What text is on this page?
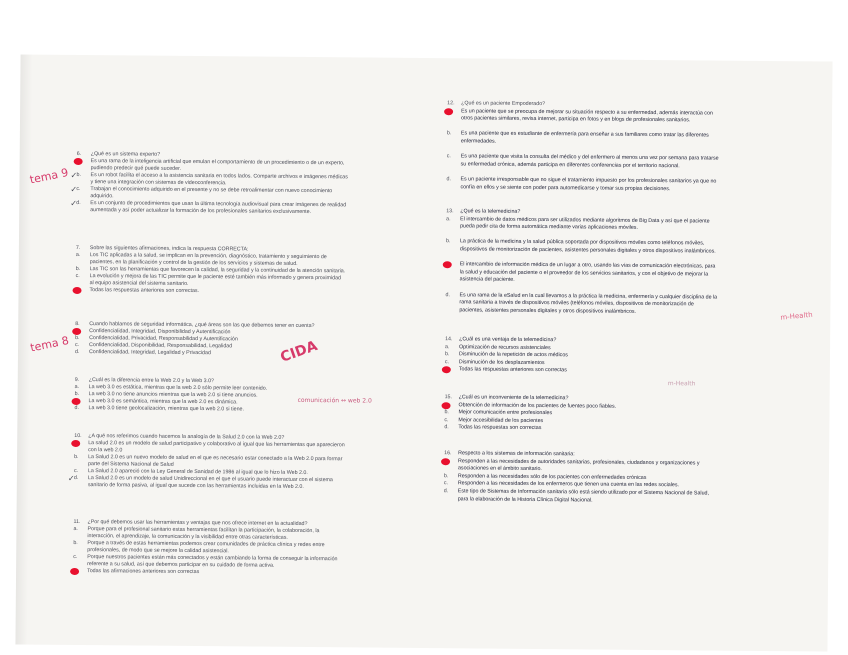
6. ¿Qué es un sistema experto?
Es una rama de la inteligencia artificial que emulan el comportamiento de un procedimiento o de un experto,
pudiendo predecir qué puede suceder.
✓ b. Es un robot facilita el acceso a la asistencia sanitaria en todos lados. Comparte archivos e imágenes médicas
y tiene una integración con sistemas de videoconferencia.
✓ c. Trabajan el conocimiento adquirido en el presente y no se debe retroalimentar con nuevo conocimiento
adquirido.
✓ d. Es un conjunto de procedimientos que usan la última tecnología audiovisual para crear imágenes de realidad
aumentada y así poder actualizar la formación de los profesionales sanitarios exclusivamente.
7. Sobre las siguientes afirmaciones, indica la respuesta CORRECTA:
a. Los TIC aplicadas a la salud, se implican en la prevención, diagnóstico, tratamiento y seguimiento de
pacientes, en la planificación y control de la gestión de los servicios y sistemas de salud.
b. Las TIC son las herramientas que favorecen la calidad, la seguridad y la continuidad de la atención sanitaria.
c. La evolución y mejora de las TIC permite que le paciente esté también más informado y genera proximidad
al equipo asistencial del sistema sanitario.
Todas las respuestas anteriores son correctas.
8. Cuando hablamos de seguridad informática, ¿qué áreas son las que debemos tener en cuenta?
Confidencialidad, Integridad, Disponibilidad y Autentificación
b. Confidencialidad, Privacidad, Responsabilidad y Autentificación
c. Confidencialidad, Disponibilidad, Responsabilidad, Legalidad
d. Confidencialidad, Integridad, Legalidad y Privacidad
9. ¿Cuál es la diferencia entre la Web 2.0 y la Web 3.0?
a. La web 3.0 es estática, mientras que la web 2.0 sólo permite leer contenido.
b. La web 3.0 no tiene anuncios mientras que la web 2.0 si tiene anuncios.
La web 3.0 es semántica, mientras que la web 2.0 es dinámica.
d. La web 3.0 tiene geolocalización, mientras que la web 2.0 si tiene.
10. ¿A qué nos referimos cuando hacemos la analogía de la Salud 2.0 con la Web 2.0?
La salud 2.0 es un modelo de salud participativo y colaborativo al igual que las herramientas que aparecieron
con la web 2.0
b. La Salud 2.0 es un nuevo modelo de salud en el que es necesario estar conectado a la Web 2.0 para formar
parte del Sistema Nacional de Salud
c. La Salud 2.0 apareció con la Ley General de Sanidad de 1986 al igual que lo hizo la Web 2.0.
✓ d. La Salud 2.0 es un modelo de salud Unidireccional en el que el usuario puede interactuar con el sistema
sanitario de forma pasiva, al igual que sucede con las herramientas incluidas en la Web 2.0.
11. ¿Por qué debemos usar las herramientas y ventajas que nos ofrece internet en la actualidad?
a. Porque para el profesional sanitario estas herramientas facilitan la participación, la colaboración, la
interacción, el aprendizaje, la comunicación y la visibilidad entre otras características.
b. Porque a través de estas herramientas podemos crear comunidades de práctica clínica y redes entre
profesionales, de modo que se mejore la calidad asistencial.
c. Porque nuestros pacientes están más conectados y están cambiando la forma de conseguir la información
referente a su salud, así que debemos participar en su cuidado de forma activa.
Todas las afirmaciones anteriores son correctas
12. ¿Qué es un paciente Empoderado?
Es un paciente que se preocupa de mejorar su situación respecto a su enfermedad, además interactúa con
otros pacientes similares, revisa internet, participa en fotos y en blogs de profesionales sanitarios.
b. Es una paciente que es estudiante de enfermería para enseñar a sus familiares como tratar las diferentes
enfermedades.
c. Es una paciente que visita la consulta del médico y del enfermero al menos una vez por semana para tratarse
su enfermedad crónica, además participa en diferentes conferencias por el territorio nacional.
d. Es un paciente irresponsable que no sigue el tratamiento impuesto por los profesionales sanitarios ya que no
confía en ellos y se siente con poder para automedicarse y tomar sus propias decisiones.
13. ¿Qué es la telemedicina?
a. El intercambio de datos médicos para ser utilizados mediante algoritmos de Big Data y así que el paciente
pueda pedir cita de forma automática mediante varias aplicaciones móviles.
b. La práctica de la medicina y la salud pública soportada por dispositivos móviles como teléfonos móviles,
dispositivos de monitorización de pacientes, asistentes personales digitales y otros dispositivos inalámbricos.
El intercambio de información médica de un lugar a otro, usando las vías de comunicación electrónicas, para
la salud y educación del paciente o el proveedor de los servicios sanitarios, y con el objetivo de mejorar la
asistencia del paciente.
d. Es una rama de la eSalud en la cual llevamos a la práctica la medicina, enfermería y cualquier disciplina de la
rama sanitaria a través de dispositivos móviles (teléfonos móviles, dispositivos de monitorización de
pacientes, asistentes personales digitales y otros dispositivos inalámbricos.
14. ¿Cuál es una ventaja de la telemedicina?
a. Optimización de recursos asistenciales
b. Disminución de la repetición de actos médicos
c. Disminución de los desplazamientos
Todas las respuestas anteriores son correctas
15. ¿Cuál es un inconveniente de la telemedicina?
Obtención de información de los pacientes de fuentes poco fiables.
b. Mejor comunicación entre profesionales
c. Mejor accesibilidad de los pacientes
d. Todas las respuestas son correctas
16. Respecto a los sistemas de información sanitaria:
Responden a las necesidades de autoridades sanitarias, profesionales, ciudadanos y organizaciones y
asociaciones en el ámbito sanitario.
b. Responden a las necesidades sólo de los pacientes con enfermedades crónicas
c. Responden a las necesidades de los enfermeros que tienen una cuenta en las redes sociales.
d. Este tipo de Sistemas de Información sanitaria sólo está siendo utilizado por el Sistema Nacional de Salud,
para la elaboración de la Historia Clínica Digital Nacional.
tema 9
tema 8	CIDA
comunicación ↔ web 2.0
m-Health
m-Health
